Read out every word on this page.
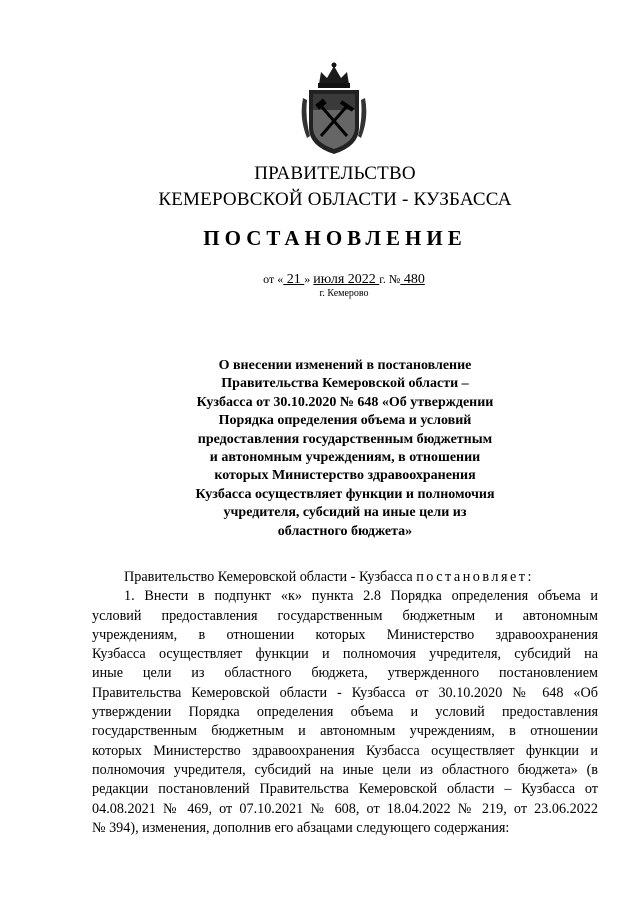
ПРАВИТЕЛЬСТВО
КЕМЕРОВСКОЙ ОБЛАСТИ - КУЗБАССА
ПОСТАНОВЛЕНИЕ
от « 21 » июля 2022 г. № 480
г. Кемерово
О внесении изменений в постановление
Правительства Кемеровской области –
Кузбасса от 30.10.2020 № 648 «Об утверждении
Порядка определения объема и условий
предоставления государственным бюджетным
и автономным учреждениям, в отношении
которых Министерство здравоохранения
Кузбасса осуществляет функции и полномочия
учредителя, субсидий на иные цели из
областного бюджета»
Правительство Кемеровской области - Кузбасса постановляет:
1. Внести в подпункт «к» пункта 2.8 Порядка определения объема и
условий предоставления государственным бюджетным и автономным
учреждениям, в отношении которых Министерство здравоохранения
Кузбасса осуществляет функции и полномочия учредителя, субсидий на
иные цели из областного бюджета, утвержденного постановлением
Правительства Кемеровской области - Кузбасса от 30.10.2020 № 648 «Об
утверждении Порядка определения объема и условий предоставления
государственным бюджетным и автономным учреждениям, в отношении
которых Министерство здравоохранения Кузбасса осуществляет функции и
полномочия учредителя, субсидий на иные цели из областного бюджета» (в
редакции постановлений Правительства Кемеровской области – Кузбасса от
04.08.2021 № 469, от 07.10.2021 № 608, от 18.04.2022 № 219, от 23.06.2022
№ 394), изменения, дополнив его абзацами следующего содержания:
